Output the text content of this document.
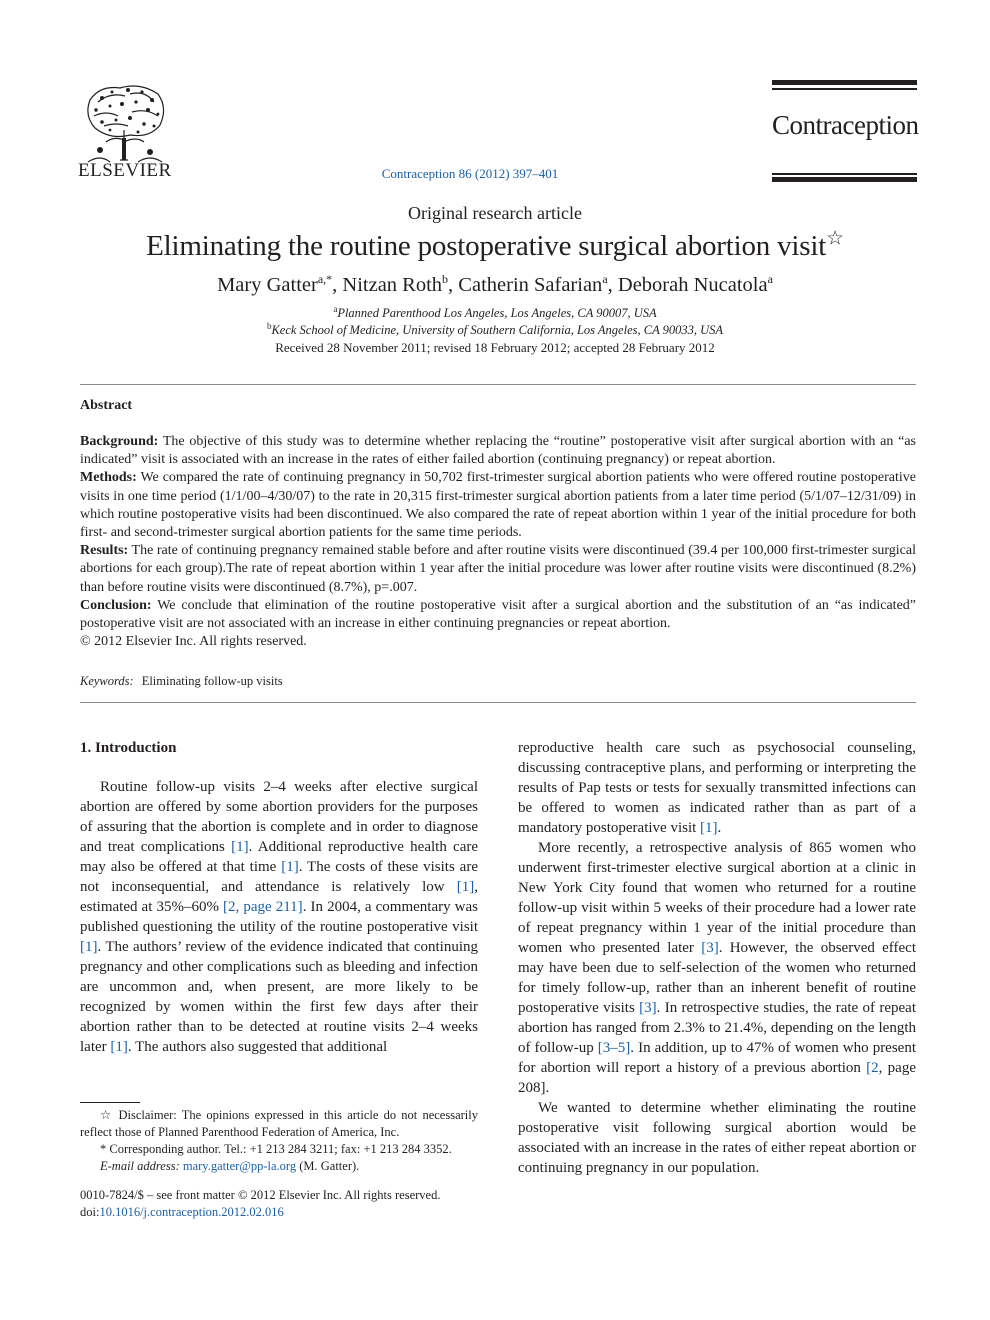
ELSEVIER	Contraception 86 (2012) 397–401
Contraception
Original research article
Eliminating the routine postoperative surgical abortion visit☆
Mary Gatter$^{a,*}$, Nitzan Roth$^b$, Catherin Safarian$^a$, Deborah Nucatola$^a$
$^a$Planned Parenthood Los Angeles, Los Angeles, CA 90007, USA
$^b$Keck School of Medicine, University of Southern California, Los Angeles, CA 90033, USA
Received 28 November 2011; revised 18 February 2012; accepted 28 February 2012
Abstract

Background: The objective of this study was to determine whether replacing the “routine” postoperative visit after surgical abortion with an “as indicated” visit is associated with an increase in the rates of either failed abortion (continuing pregnancy) or repeat abortion.

Methods: We compared the rate of continuing pregnancy in 50,702 first-trimester surgical abortion patients who were offered routine postoperative visits in one time period (1/1/00–4/30/07) to the rate in 20,315 first-trimester surgical abortion patients from a later time period (5/1/07–12/31/09) in which routine postoperative visits had been discontinued. We also compared the rate of repeat abortion within 1 year of the initial procedure for both first- and second-trimester surgical abortion patients for the same time periods.

Results: The rate of continuing pregnancy remained stable before and after routine visits were discontinued (39.4 per 100,000 first-trimester surgical abortions for each group).The rate of repeat abortion within 1 year after the initial procedure was lower after routine visits were discontinued (8.2%) than before routine visits were discontinued (8.7%), p=.007.

Conclusion: We conclude that elimination of the routine postoperative visit after a surgical abortion and the substitution of an “as indicated” postoperative visit are not associated with an increase in either continuing pregnancies or repeat abortion.

© 2012 Elsevier Inc. All rights reserved.

Keywords: Eliminating follow-up visits
1. Introduction

Routine follow-up visits 2–4 weeks after elective surgical abortion are offered by some abortion providers for the purposes of assuring that the abortion is complete and in order to diagnose and treat complications [1]. Additional reproductive health care may also be offered at that time [1]. The costs of these visits are not inconsequential, and attendance is relatively low [1], estimated at 35%–60% [2, page 211]. In 2004, a commentary was published questioning the utility of the routine postoperative visit [1]. The authors’ review of the evidence indicated that continuing pregnancy and other complications such as bleeding and infection are uncommon and, when present, are more likely to be recognized by women within the first few days after their abortion rather than to be detected at routine visits 2–4 weeks later [1]. The authors also suggested that additional

reproductive health care such as psychosocial counseling, discussing contraceptive plans, and performing or interpreting the results of Pap tests or tests for sexually transmitted infections can be offered to women as indicated rather than as part of a mandatory postoperative visit [1].

More recently, a retrospective analysis of 865 women who underwent first-trimester elective surgical abortion at a clinic in New York City found that women who returned for a routine follow-up visit within 5 weeks of their procedure had a lower rate of repeat pregnancy within 1 year of the initial procedure than women who presented later [3]. However, the observed effect may have been due to self-selection of the women who returned for timely follow-up, rather than an inherent benefit of routine postoperative visits [3]. In retrospective studies, the rate of repeat abortion has ranged from 2.3% to 21.4%, depending on the length of follow-up [3–5]. In addition, up to 47% of women who present for abortion will report a history of a previous abortion [2, page 208].

We wanted to determine whether eliminating the routine postoperative visit following surgical abortion would be associated with an increase in the rates of either repeat abortion or continuing pregnancy in our population.

☆ Disclaimer: The opinions expressed in this article do not necessarily reflect those of Planned Parenthood Federation of America, Inc.

* Corresponding author. Tel.: +1 213 284 3211; fax: +1 213 284 3352.

E-mail address: mary.gatter@pp-la.org (M. Gatter).

0010-7824/$ – see front matter © 2012 Elsevier Inc. All rights reserved.
doi:10.1016/j.contraception.2012.02.016
